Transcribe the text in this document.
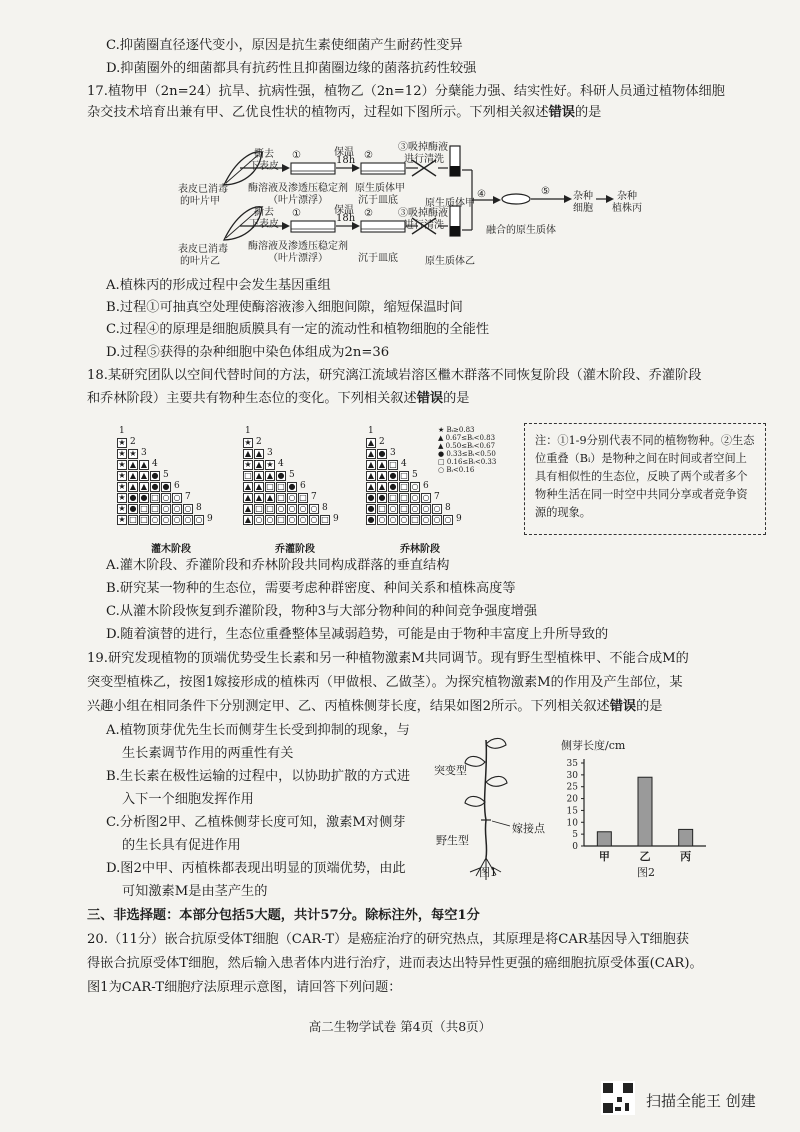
C.抑菌圈直径逐代变小，原因是抗生素使细菌产生耐药性变异
D.抑菌圈外的细菌都具有抗药性且抑菌圈边缘的菌落抗药性较强
17.植物甲（2n=24）抗旱、抗病性强，植物乙（2n=12）分蘖能力强、结实性好。科研人员通过植物体细胞
杂交技术培育出兼有甲、乙优良性状的植物丙，过程如下图所示。下列相关叙述错误的是
撕去
下表皮
①	保温
18h ②
③吸掉酶液
进行清洗
表皮已消毒
的叶片甲
酶溶液及渗透压稳定剂
（叶片漂浮）
原生质体甲
沉于皿底	原生质体甲
④	⑤
融合的原生质体
杂种
细胞
杂种
植株丙
撕去
下表皮
①	保温
18h ②	③吸掉酶液
进行清洗
表皮已消毒
的叶片乙
酶溶液及渗透压稳定剂
（叶片漂浮）	沉于皿底	原生质体乙
A.植株丙的形成过程中会发生基因重组
B.过程①可抽真空处理使酶溶液渗入细胞间隙，缩短保温时间
C.过程④的原理是细胞质膜具有一定的流动性和植物细胞的全能性
D.过程⑤获得的杂种细胞中染色体组成为2n=36
18.某研究团队以空间代替时间的方法，研究漓江流域岩溶区檵木群落不同恢复阶段（灌木阶段、乔灌阶段
和乔林阶段）主要共有物种生态位的变化。下列相关叙述错误的是
1
★ 2
★ ★ 3
★ ▲ ▲ 4
★ ▲ ▲ ● 5
★ ▲ ▲ ● ● 6
★ ● ● □ ○ ○ 7
★ ● □ □ ○ ○ ○ 8
★ □ □ ○ ○ ○ ○ ○ 9
1
★ 2
▲ ▲ 3
★ ▲ ★ 4
□ ▲ ▲ ● 5
▲ ▲ □ □ ● 6
▲ ▲ ▲ □ ○ □ 7
▲ □ □ ○ ○ ○ ○ 8
▲ ○ ○ □ ○ ○ ○ □ 9
1
▲ 2
▲ ● 3
▲ ▲ □ 4
▲ ▲ ● □ 5
▲ ▲ ● □ ○ 6
● ● □ □ ○ ○ 7
● □ ○ □ ○ ○ ○ 8
● ○ ○ ○ □ ○ ○ ○ 9
灌木阶段	乔灌阶段	乔林阶段
★ Bᵢ≥0.83
▲ 0.67≤Bᵢ<0.83
▲ 0.50≤Bᵢ<0.67
● 0.33≤Bᵢ<0.50
□ 0.16≤Bᵢ<0.33
○ Bᵢ<0.16
注：①1-9分别代表不同的植物物种。②生态位重叠（Bᵢ）是物种之间在时间或者空间上具有相似性的生态位，反映了两个或者多个物种生活在同一时空中共同分享或者竞争资源的现象。
A.灌木阶段、乔灌阶段和乔林阶段共同构成群落的垂直结构
B.研究某一物种的生态位，需要考虑种群密度、种间关系和植株高度等
C.从灌木阶段恢复到乔灌阶段，物种3与大部分物种间的种间竞争强度增强
D.随着演替的进行，生态位重叠整体呈减弱趋势，可能是由于物种丰富度上升所导致的
19.研究发现植物的顶端优势受生长素和另一种植物激素M共同调节。现有野生型植株甲、不能合成M的
突变型植株乙，按图1嫁接形成的植株丙（甲做根、乙做茎）。为探究植物激素M的作用及产生部位，某
兴趣小组在相同条件下分别测定甲、乙、丙植株侧芽长度，结果如图2所示。下列相关叙述错误的是
A.植物顶芽优先生长而侧芽生长受到抑制的现象，与
生长素调节作用的两重性有关
B.生长素在极性运输的过程中，以协助扩散的方式进
入下一个细胞发挥作用
C.分析图2甲、乙植株侧芽长度可知，激素M对侧芽
的生长具有促进作用
D.图2中甲、丙植株都表现出明显的顶端优势，由此
可知激素M是由茎产生的
突变型
野生型
嫁接点
图1
0
5
10
15
20
25
30
35
甲	乙	丙
侧芽长度/cm
图2
三、非选择题：本部分包括5大题，共计57分。除标注外，每空1分
20.（11分）嵌合抗原受体T细胞（CAR-T）是癌症治疗的研究热点，其原理是将CAR基因导入T细胞获
得嵌合抗原受体T细胞，然后输入患者体内进行治疗，进而表达出特异性更强的癌细胞抗原受体蛋(CAR)。
图1为CAR-T细胞疗法原理示意图，请回答下列问题：
高二生物学试卷 第4页（共8页）
扫描全能王 创建
